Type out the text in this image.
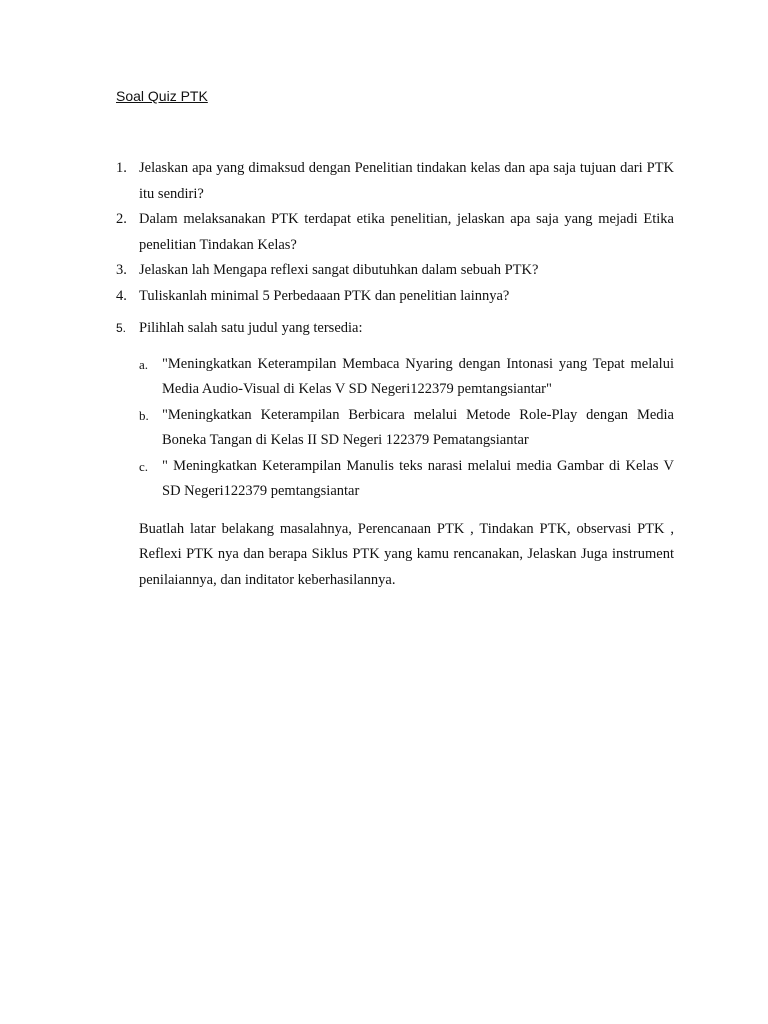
Soal Quiz PTK
1. Jelaskan apa yang dimaksud dengan Penelitian tindakan kelas dan apa saja tujuan dari PTK itu sendiri?
2. Dalam melaksanakan PTK terdapat etika penelitian, jelaskan apa saja yang mejadi Etika penelitian Tindakan Kelas?
3. Jelaskan lah Mengapa reflexi sangat dibutuhkan dalam sebuah PTK?
4. Tuliskanlah minimal 5 Perbedaaan PTK dan penelitian lainnya?
5. Pilihlah salah satu judul yang tersedia:
a. "Meningkatkan Keterampilan Membaca Nyaring dengan Intonasi yang Tepat melalui Media Audio-Visual di Kelas V SD Negeri122379 pemtangsiantar"
b. "Meningkatkan Keterampilan Berbicara melalui Metode Role-Play dengan Media Boneka Tangan di Kelas II SD Negeri 122379 Pematangsiantar
c. " Meningkatkan Keterampilan Manulis teks narasi melalui media Gambar di Kelas V SD Negeri122379 pemtangsiantar

Buatlah latar belakang masalahnya, Perencanaan PTK , Tindakan PTK, observasi PTK , Reflexi PTK nya dan berapa Siklus PTK yang kamu rencanakan, Jelaskan Juga instrument penilaiannya, dan inditator keberhasilannya.
